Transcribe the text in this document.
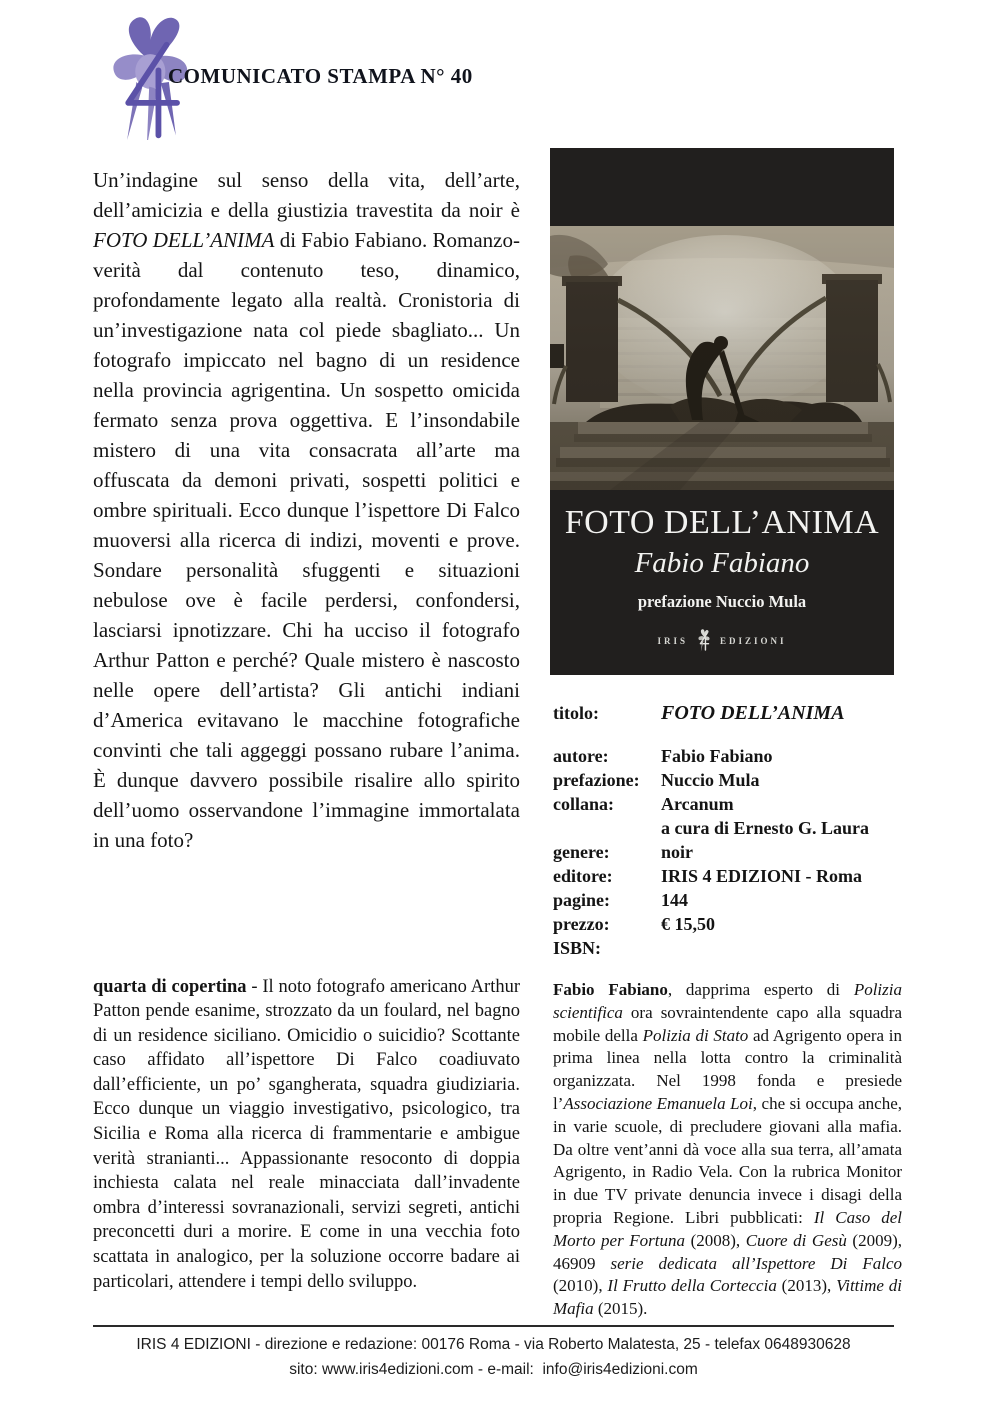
COMUNICATO STAMPA N° 40

Un’indagine sul senso della vita, dell’arte, dell’amicizia e della giustizia travestita da noir è FOTO DELL’ANIMA di Fabio Fabiano. Romanzo-verità dal contenuto teso, dinamico, profondamente legato alla realtà. Cronistoria di un’investigazione nata col piede sbagliato... Un fotografo impiccato nel bagno di un residence nella provincia agrigentina. Un sospetto omicida fermato senza prova oggettiva. E l’insondabile mistero di una vita consacrata all’arte ma offuscata da demoni privati, sospetti politici e ombre spirituali. Ecco dunque l’ispettore Di Falco muoversi alla ricerca di indizi, moventi e prove. Sondare personalità sfuggenti e situazioni nebulose ove è facile perdersi, confondersi, lasciarsi ipnotizzare. Chi ha ucciso il fotografo Arthur Patton e perché? Quale mistero è nascosto nelle opere dell’artista? Gli antichi indiani d’America evitavano le macchine fotografiche convinti che tali aggeggi possano rubare l’anima. È dunque davvero possibile risalire allo spirito dell’uomo osservandone l’immagine immortalata in una foto?

quarta di copertina - Il noto fotografo americano Arthur Patton pende esanime, strozzato da un foulard, nel bagno di un residence siciliano. Omicidio o suicidio? Scottante caso affidato all’ispettore Di Falco coadiuvato dall’efficiente, un po’ sgangherata, squadra giudiziaria. Ecco dunque un viaggio investigativo, psicologico, tra Sicilia e Roma alla ricerca di frammentarie e ambigue verità stranianti... Appassionante resoconto di doppia inchiesta calata nel reale minacciata dall’invadente ombra d’interessi sovranazionali, servizi segreti, antichi preconcetti duri a morire. E come in una vecchia foto scattata in analogico, per la soluzione occorre badare ai particolari, attendere i tempi dello sviluppo.

FOTO DELL’ANIMA
Fabio Fabiano
prefazione Nuccio Mula
IRIS	EDIZIONI
titolo:	FOTO DELL’ANIMA
autore:	Fabio Fabiano
prefazione:	Nuccio Mula
collana:	Arcanum
a cura di Ernesto G. Laura
genere:	noir
editore:	IRIS 4 EDIZIONI - Roma
pagine:	144
prezzo:	€ 15,50
ISBN:

Fabio Fabiano, dapprima esperto di Polizia scientifica ora sovraintendente capo alla squadra mobile della Polizia di Stato ad Agrigento opera in prima linea nella lotta contro la criminalità organizzata. Nel 1998 fonda e presiede l’Associazione Emanuela Loi, che si occupa anche, in varie scuole, di precludere giovani alla mafia. Da oltre vent’anni dà voce alla sua terra, all’amata Agrigento, in Radio Vela. Con la rubrica Monitor in due TV private denuncia invece i disagi della propria Regione. Libri pubblicati: Il Caso del Morto per Fortuna (2008), Cuore di Gesù (2009), 46909 serie dedicata all’Ispettore Di Falco (2010), Il Frutto della Corteccia (2013), Vittime di Mafia (2015).

IRIS 4 EDIZIONI - direzione e redazione: 00176 Roma - via Roberto Malatesta, 25 - telefax 0648930628
sito: www.iris4edizioni.com - e-mail:  info@iris4edizioni.com
